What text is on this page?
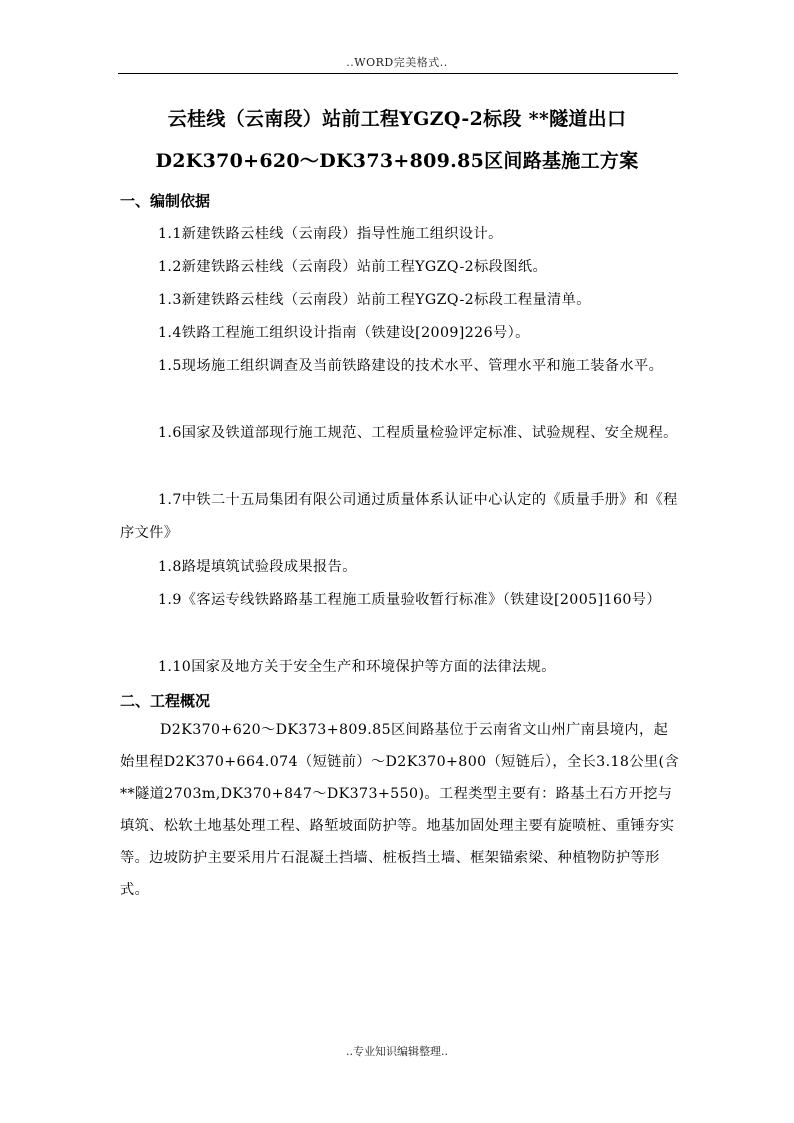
..WORD完美格式..
云桂线（云南段）站前工程YGZQ-2标段 **隧道出口
D2K370+620～DK373+809.85区间路基施工方案
一、编制依据
1.1新建铁路云桂线（云南段）指导性施工组织设计。
1.2新建铁路云桂线（云南段）站前工程YGZQ-2标段图纸。
1.3新建铁路云桂线（云南段）站前工程YGZQ-2标段工程量清单。
1.4铁路工程施工组织设计指南（铁建设[2009]226号）。
1.5现场施工组织调查及当前铁路建设的技术水平、管理水平和施工装备水平。
1.6国家及铁道部现行施工规范、工程质量检验评定标准、试验规程、安全规程。
1.7中铁二十五局集团有限公司通过质量体系认证中心认定的《质量手册》和《程序文件》
1.8路堤填筑试验段成果报告。
1.9《客运专线铁路路基工程施工质量验收暂行标准》（铁建设[2005]160号）
1.10国家及地方关于安全生产和环境保护等方面的法律法规。
二、工程概况
D2K370+620～DK373+809.85区间路基位于云南省文山州广南县境内，起始里程D2K370+664.074（短链前）～D2K370+800（短链后），全长3.18公里(含**隧道2703m,DK370+847～DK373+550)。工程类型主要有：路基土石方开挖与填筑、松软土地基处理工程、路堑坡面防护等。地基加固处理主要有旋喷桩、重锤夯实等。边坡防护主要采用片石混凝土挡墙、桩板挡土墙、框架锚索梁、种植物防护等形式。
..专业知识编辑整理..
